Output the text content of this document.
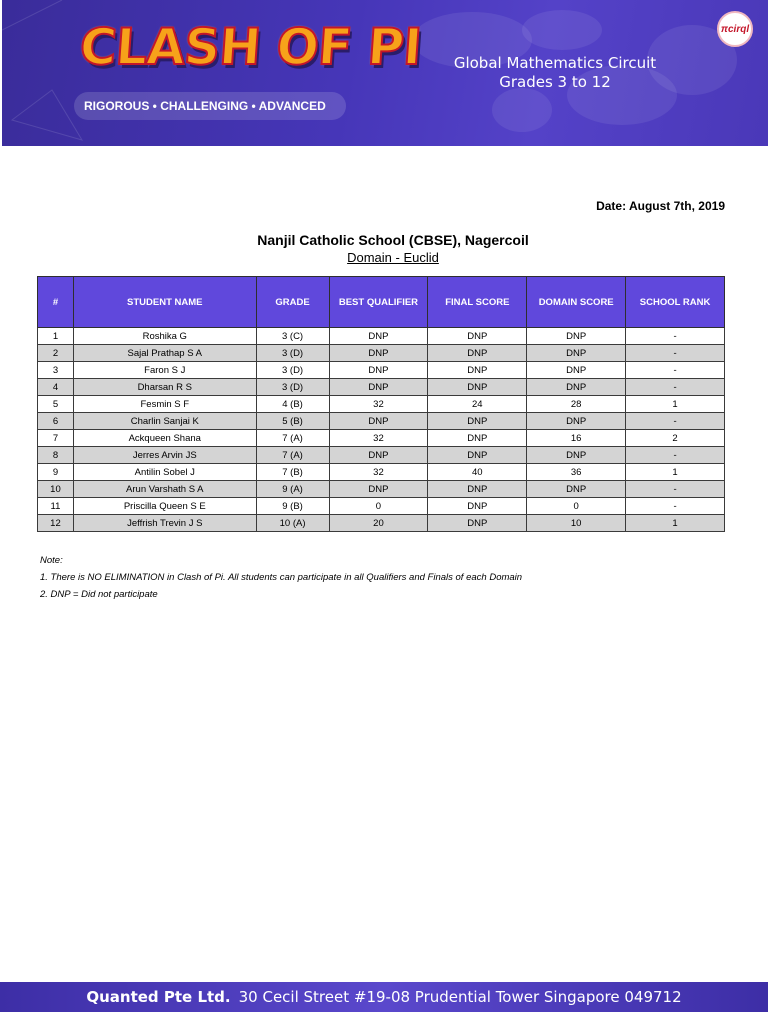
CLASH OF PI
RIGOROUS • CHALLENGING • ADVANCED
Global Mathematics Circuit
Grades 3 to 12
πcirql
Date: August 7th, 2019
Nanjil Catholic School (CBSE), Nagercoil
Domain - Euclid
#	STUDENT NAME	GRADE	BEST QUALIFIER	FINAL SCORE	DOMAIN SCORE	SCHOOL RANK
1	Roshika G	3 (C)	DNP	DNP	DNP	-
2	Sajal Prathap S A	3 (D)	DNP	DNP	DNP	-
3	Faron S J	3 (D)	DNP	DNP	DNP	-
4	Dharsan R S	3 (D)	DNP	DNP	DNP	-
5	Fesmin S F	4 (B)	32	24	28	1
6	Charlin Sanjai K	5 (B)	DNP	DNP	DNP	-
7	Ackqueen Shana	7 (A)	32	DNP	16	2
8	Jerres Arvin JS	7 (A)	DNP	DNP	DNP	-
9	Antilin Sobel J	7 (B)	32	40	36	1
10	Arun Varshath S A	9 (A)	DNP	DNP	DNP	-
11	Priscilla Queen S E	9 (B)	0	DNP	0	-
12	Jeffrish Trevin J S	10 (A)	20	DNP	10	1
Note:
1. There is NO ELIMINATION in Clash of Pi. All students can participate in all Qualifiers and Finals of each Domain
2. DNP = Did not participate
Quanted Pte Ltd. 30 Cecil Street #19-08 Prudential Tower Singapore 049712
